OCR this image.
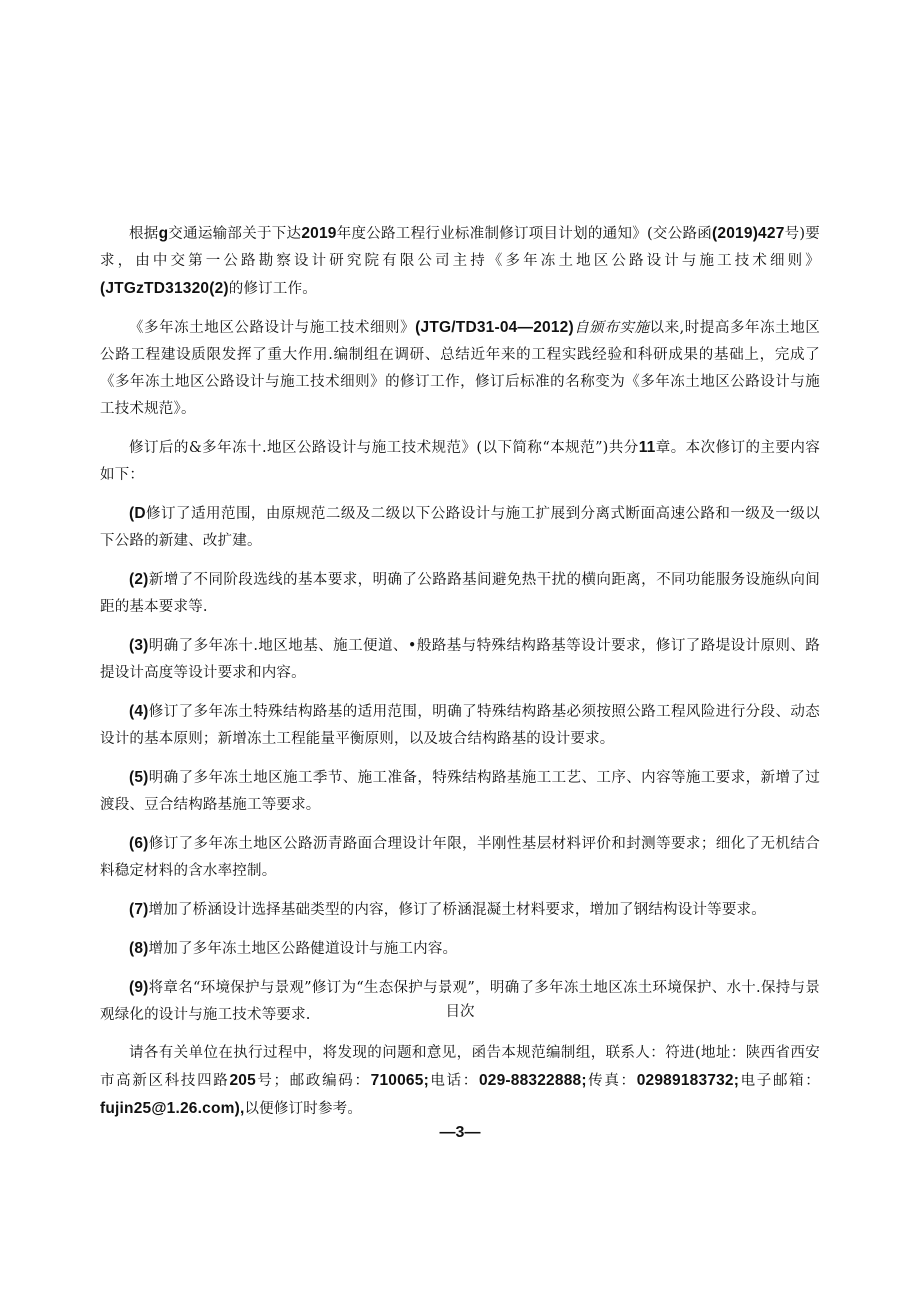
根据g交通运输部关于下达2019年度公路工程行业标准制修订项目计划的通知》(交公路函(2019)427号)要求，由中交第一公路勘察设计研究院有限公司主持《多年冻土地区公路设计与施工技术细则》(JTGzTD31320(2)的修订工作。

《多年冻土地区公路设计与施工技术细则》(JTG/TD31-04—2012)自颁布实施以来,时提高多年冻土地区公路工程建设质限发挥了重大作用.编制组在调研、总结近年来的工程实践经验和科研成果的基础上，完成了《多年冻土地区公路设计与施工技术细则》的修订工作，修订后标准的名称变为《多年冻土地区公路设计与施工技术规范》。

修订后的&多年冻十.地区公路设计与施工技术规范》(以下简称“本规范”)共分11章。本次修订的主要内容如下：

(D修订了适用范围，由原规范二级及二级以下公路设计与施工扩展到分离式断面高速公路和一级及一级以下公路的新建、改扩建。

(2)新增了不同阶段选线的基本要求，明确了公路路基间避免热干扰的横向距离，不同功能服务设施纵向间距的基本要求等.

(3)明确了多年冻十.地区地基、施工便道、•般路基与特殊结构路基等设计要求，修订了路堤设计原则、路提设计高度等设计要求和内容。

(4)修订了多年冻土特殊结构路基的适用范围，明确了特殊结构路基必须按照公路工程风险进行分段、动态设计的基本原则；新增冻土工程能量平衡原则，以及坡合结构路基的设计要求。

(5)明确了多年冻土地区施工季节、施工准备，特殊结构路基施工工艺、工序、内容等施工要求，新增了过渡段、豆合结构路基施工等要求。

(6)修订了多年冻土地区公路沥青路面合理设计年限，半刚性基层材料评价和封测等要求；细化了无机结合料稳定材料的含水率控制。

(7)增加了桥涵设计选择基础类型的内容，修订了桥涵混凝土材料要求，增加了钢结构设计等要求。

(8)增加了多年冻土地区公路健道设计与施工内容。

(9)将章名“环境保护与景观”修订为“生态保护与景观”，明确了多年冻土地区冻土环境保护、水十.保持与景观绿化的设计与施工技术等要求.

请各有关单位在执行过程中，将发现的问题和意见，函告本规范编制组，联系人：符进(地址：陕西省西安市高新区科技四路205号；邮政编码：710065;电话：029-88322888;传真：02989183732;电子邮箱：fujin25@1.26.com),以便修订时参考。

目次
—3—
